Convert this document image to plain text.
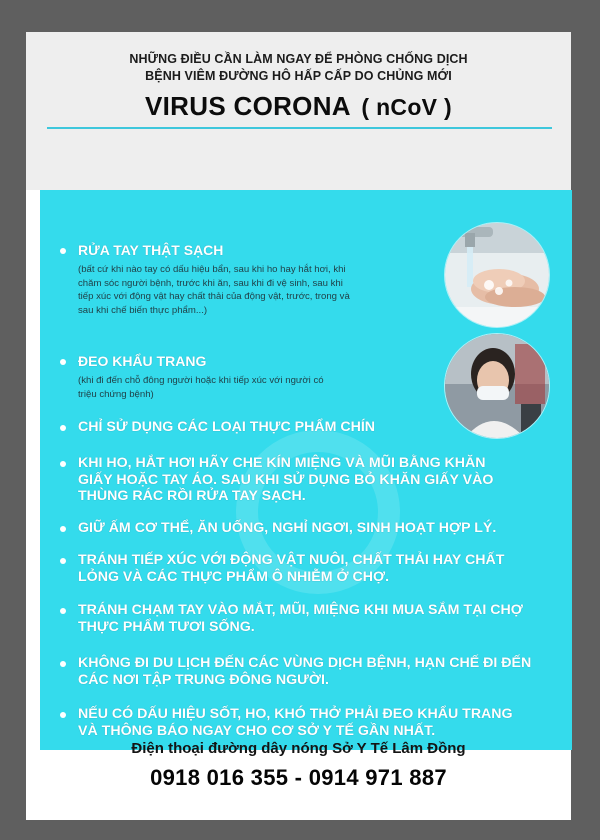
NHỮNG ĐIỀU CẦN LÀM NGAY ĐỂ PHÒNG CHỐNG DỊCH
BỆNH VIÊM ĐƯỜNG HÔ HẤP CẤP DO CHỦNG MỚI
VIRUS CORONA ( nCoV )
RỬA TAY THẬT SẠCH
(bất cứ khi nào tay có dấu hiệu bẩn, sau khi ho hay hắt hơi, khi
chăm sóc người bệnh, trước khi ăn, sau khi đi vệ sinh, sau khi
tiếp xúc với động vật hay chất thải của động vật, trước, trong và
sau khi chế biến thực phẩm...)
ĐEO KHẨU TRANG
(khi đi đến chỗ đông người hoặc khi tiếp xúc với người có
triệu chứng bệnh)
CHỈ SỬ DỤNG CÁC LOẠI THỰC PHẨM CHÍN
KHI HO, HẮT HƠI HÃY CHE KÍN MIỆNG VÀ MŨI BẰNG KHĂN
GIẤY HOẶC TAY ÁO. SAU KHI SỬ DỤNG BỎ KHĂN GIẤY VÀO
THÙNG RÁC RỒI RỬA TAY SẠCH.
GIỮ ẤM CƠ THỂ, ĂN UỐNG, NGHỈ NGƠI, SINH HOẠT HỢP LÝ.
TRÁNH TIẾP XÚC VỚI ĐỘNG VẬT NUÔI, CHẤT THẢI HAY CHẤT
LỎNG VÀ CÁC THỰC PHẨM Ô NHIỄM Ở CHỢ.
TRÁNH CHẠM TAY VÀO MẮT, MŨI, MIỆNG KHI MUA SẮM TẠI CHỢ
THỰC PHẨM TƯƠI SỐNG.
KHÔNG ĐI DU LỊCH ĐẾN CÁC VÙNG DỊCH BỆNH, HẠN CHẾ ĐI ĐẾN
CÁC NƠI TẬP TRUNG ĐÔNG NGƯỜI.
NẾU CÓ DẤU HIỆU SỐT, HO, KHÓ THỞ PHẢI ĐEO KHẨU TRANG
VÀ THÔNG BÁO NGAY CHO CƠ SỞ Y TẾ GẦN NHẤT.
Điện thoại đường dây nóng Sở Y Tế Lâm Đồng
0918 016 355 - 0914 971 887
